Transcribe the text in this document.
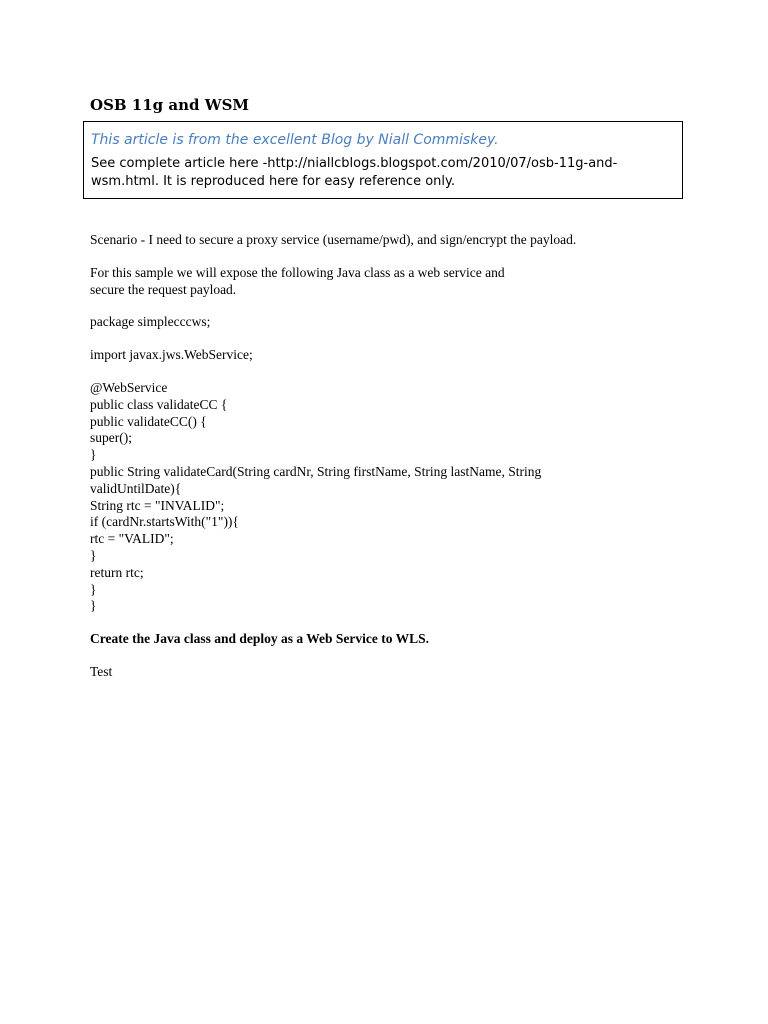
OSB 11g and WSM

This article is from the excellent Blog by Niall Commiskey.

See complete article here -http://niallcblogs.blogspot.com/2010/07/osb-11g-and-
wsm.html. It is reproduced here for easy reference only.

Scenario - I need to secure a proxy service (username/pwd), and sign/encrypt the payload.

For this sample we will expose the following Java class as a web service and
secure the request payload.

package simplecccws;

import javax.jws.WebService;

@WebService
public class validateCC {
public validateCC() {
super();
}
public String validateCard(String cardNr, String firstName, String lastName, String
validUntilDate){
String rtc = "INVALID";
if (cardNr.startsWith("1")){
rtc = "VALID";
}
return rtc;
}
}

Create the Java class and deploy as a Web Service to WLS.

Test
